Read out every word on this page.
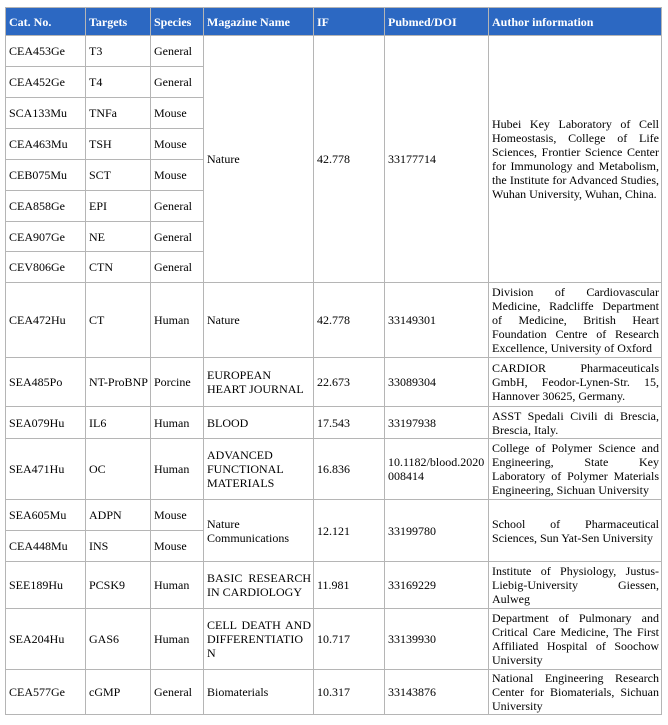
Cat. No.	Targets	Species	Magazine Name	IF	Pubmed/DOI	Author information
CEA453Ge	T3	General	Nature	42.778	33177714	Hubei Key Laboratory of Cell Homeostasis, College of Life Sciences, Frontier Science Center for Immunology and Metabolism, the Institute for Advanced Studies, Wuhan University, Wuhan, China.
CEA452Ge	T4	General				
SCA133Mu	TNFa	Mouse				
CEA463Mu	TSH	Mouse				
CEB075Mu	SCT	Mouse				
CEA858Ge	EPI	General				
CEA907Ge	NE	General				
CEV806Ge	CTN	General				
CEA472Hu	CT	Human	Nature	42.778	33149301	Division of Cardiovascular Medicine, Radcliffe Department of Medicine, British Heart Foundation Centre of Research Excellence, University of Oxford
SEA485Po	NT-ProBNP	Porcine	EUROPEAN HEART JOURNAL	22.673	33089304	CARDIOR Pharmaceuticals GmbH, Feodor-Lynen-Str. 15, Hannover 30625, Germany.
SEA079Hu	IL6	Human	BLOOD	17.543	33197938	ASST Spedali Civili di Brescia, Brescia, Italy.
SEA471Hu	OC	Human	ADVANCED FUNCTIONAL MATERIALS	16.836	10.1182/blood.2020008414	College of Polymer Science and Engineering, State Key Laboratory of Polymer Materials Engineering, Sichuan University
SEA605Mu	ADPN	Mouse	Nature Communications	12.121	33199780	School of Pharmaceutical Sciences, Sun Yat-Sen University
CEA448Mu	INS	Mouse				
SEE189Hu	PCSK9	Human	BASIC RESEARCH IN CARDIOLOGY	11.981	33169229	Institute of Physiology, Justus-Liebig-University Giessen, Aulweg
SEA204Hu	GAS6	Human	CELL DEATH AND DIFFERENTIATION	10.717	33139930	Department of Pulmonary and Critical Care Medicine, The First Affiliated Hospital of Soochow University
CEA577Ge	cGMP	General	Biomaterials	10.317	33143876	National Engineering Research Center for Biomaterials, Sichuan University
